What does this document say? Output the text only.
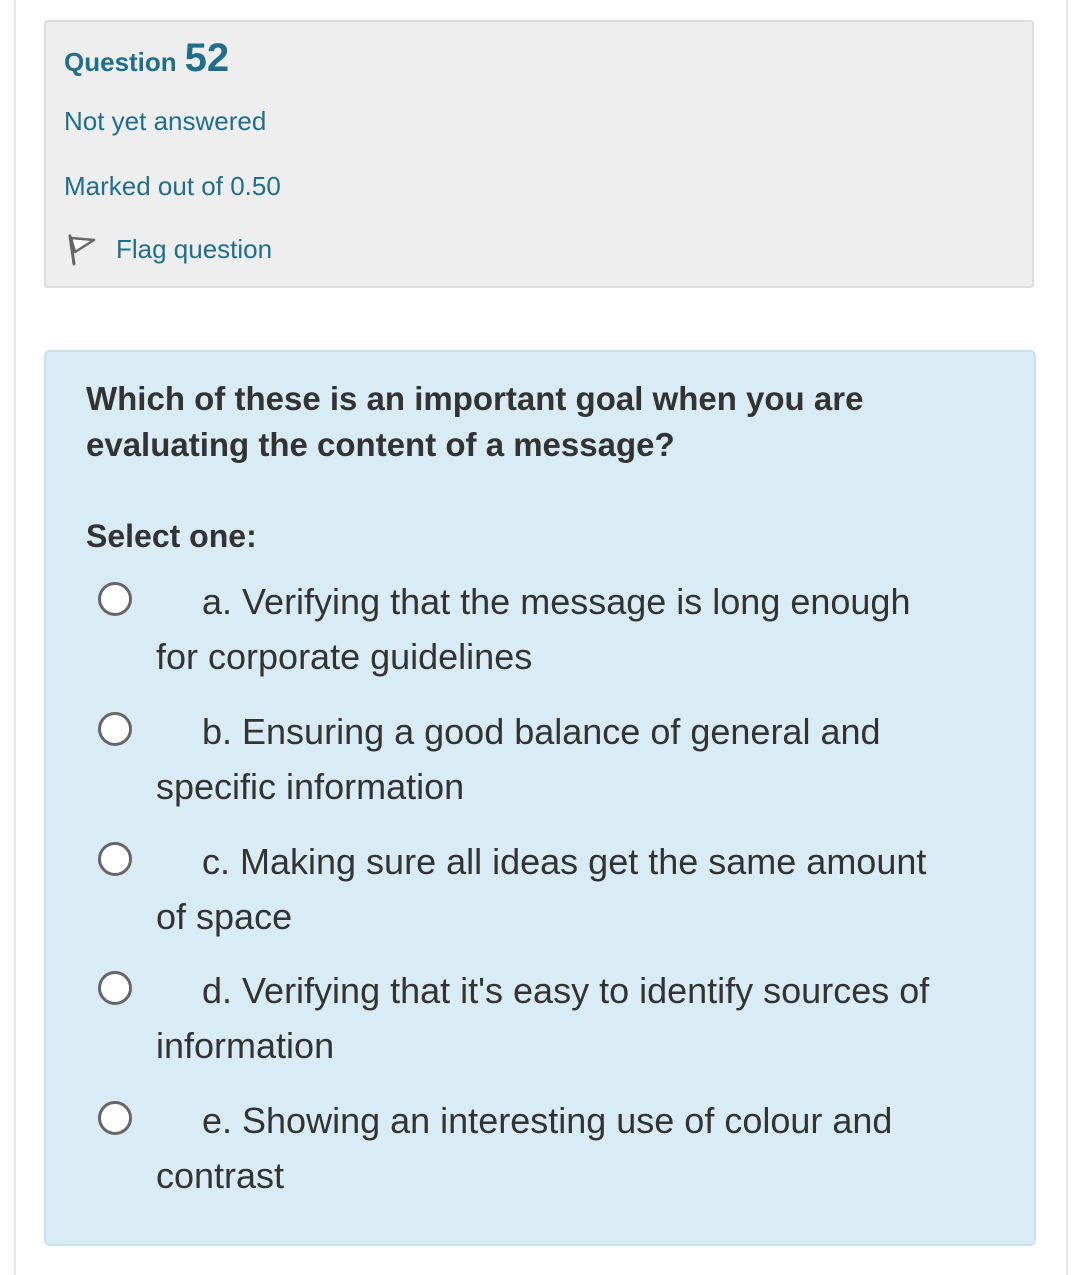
Question 52
Not yet answered
Marked out of 0.50
Flag question
Which of these is an important goal when you are evaluating the content of a message?
Select one:
a. Verifying that the message is long enough for corporate guidelines
b. Ensuring a good balance of general and specific information
c. Making sure all ideas get the same amount of space
d. Verifying that it's easy to identify sources of information
e. Showing an interesting use of colour and contrast
